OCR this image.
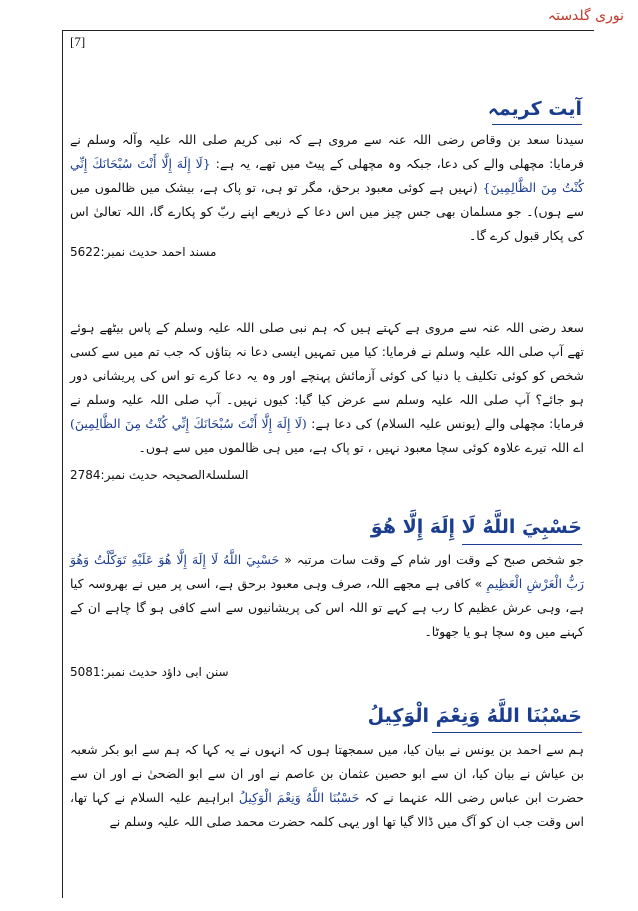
نوری گلدستہ
[7]
آیت کریمہ
سیدنا سعد بن وقاص رضی اللہ عنہ سے مروی ہے کہ نبی کریم صلی اللہ علیہ وآلہ وسلم نے فرمایا: مچھلی والے کی دعا، جبکہ وہ مچھلی کے پیٹ میں تھے، یہ ہے: {لَا إِلَهَ إِلَّا أَنْتَ سُبْحَانَكَ إِنِّي كُنْتُ مِنَ الظَّالِمِينَ} (نہیں ہے کوئی معبود برحق، مگر تو ہی، تو پاک ہے، بیشک میں ظالموں میں سے ہوں)۔ جو مسلمان بھی جس چیز میں اس دعا کے ذریعے اپنے ربّ کو پکارے گا، اللہ تعالیٰ اس کی پکار قبول کرے گا۔
مسند احمد حدیث نمبر:5622
سعد رضی اللہ عنہ سے مروی ہے کہتے ہیں کہ ہم نبی صلی اللہ علیہ وسلم کے پاس بیٹھے ہوئے تھے آپ صلی اللہ علیہ وسلم نے فرمایا: کیا میں تمہیں ایسی دعا نہ بتاؤں کہ جب تم میں سے کسی شخص کو کوئی تکلیف یا دنیا کی کوئی آزمائش پہنچے اور وہ یہ دعا کرے تو اس کی پریشانی دور ہو جائے؟ آپ صلی اللہ علیہ وسلم سے عرض کیا گیا: کیوں نہیں۔ آپ صلی اللہ علیہ وسلم نے فرمایا: مچھلی والے (یونس علیہ السلام) کی دعا ہے: (لَا إِلَهَ إِلَّا أَنْتَ سُبْحَانَكَ إِنِّي كُنْتُ مِنَ الظَّالِمِينَ) اے اللہ تیرے علاوہ کوئی سچا معبود نہیں ، تو پاک ہے، میں ہی ظالموں میں سے ہوں۔
السلسلۃالصحیحہ حدیث نمبر:2784
حَسْبِيَ اللَّهُ لَا إِلَهَ إِلَّا هُوَ
جو شخص صبح کے وقت اور شام کے وقت سات مرتبہ « حَسْبِيَ اللَّهُ لَا إِلَهَ إِلَّا هُوَ عَلَيْهِ تَوَكَّلْتُ وَهُوَ رَبُّ الْعَرْشِ الْعَظِيمِ » کافی ہے مجھے اللہ، صرف وہی معبود برحق ہے، اسی پر میں نے بھروسہ کیا ہے، وہی عرش عظیم کا رب ہے کہے تو اللہ اس کی پریشانیوں سے اسے کافی ہو گا چاہے ان کے کہنے میں وہ سچا ہو یا جھوٹا۔
سنن ابی داؤد حدیث نمبر:5081
حَسْبُنَا اللَّهُ وَنِعْمَ الْوَكِيلُ
ہم سے احمد بن یونس نے بیان کیا، میں سمجھتا ہوں کہ انہوں نے یہ کہا کہ ہم سے ابو بکر شعبہ بن عیاش نے بیان کیا، ان سے ابو حصین عثمان بن عاصم نے اور ان سے ابو الضحیٰ نے اور ان سے حضرت ابن عباس رضی اللہ عنہما نے کہ حَسْبُنَا اللَّهُ وَنِعْمَ الْوَكِيلُ ابراہیم علیہ السلام نے کہا تھا، اس وقت جب ان کو آگ میں ڈالا گیا تھا اور یہی کلمہ حضرت محمد صلی اللہ علیہ وسلم نے
